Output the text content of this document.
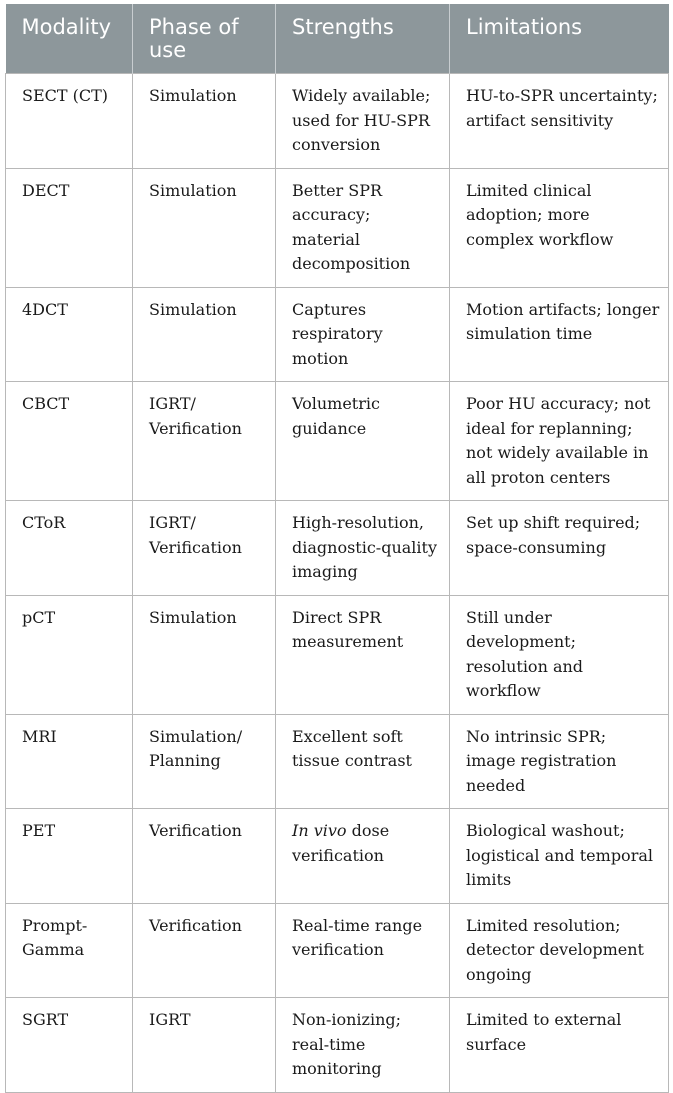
Modality	Phase of use	Strengths	Limitations
SECT (CT)	Simulation	Widely available; used for HU-SPR conversion	HU-to-SPR uncertainty; artifact sensitivity
DECT	Simulation	Better SPR accuracy; material decomposition	Limited clinical adoption; more complex workflow
4DCT	Simulation	Captures respiratory motion	Motion artifacts; longer simulation time
CBCT	IGRT/ Verification	Volumetric guidance	Poor HU accuracy; not ideal for replanning; not widely available in all proton centers
CToR	IGRT/ Verification	High-resolution, diagnostic-quality imaging	Set up shift required; space-consuming
pCT	Simulation	Direct SPR measurement	Still under development; resolution and workflow
MRI	Simulation/ Planning	Excellent soft tissue contrast	No intrinsic SPR; image registration needed
PET	Verification	In vivo dose verification	Biological washout; logistical and temporal limits
Prompt-Gamma	Verification	Real-time range verification	Limited resolution; detector development ongoing
SGRT	IGRT	Non-ionizing; real-time monitoring	Limited to external surface
